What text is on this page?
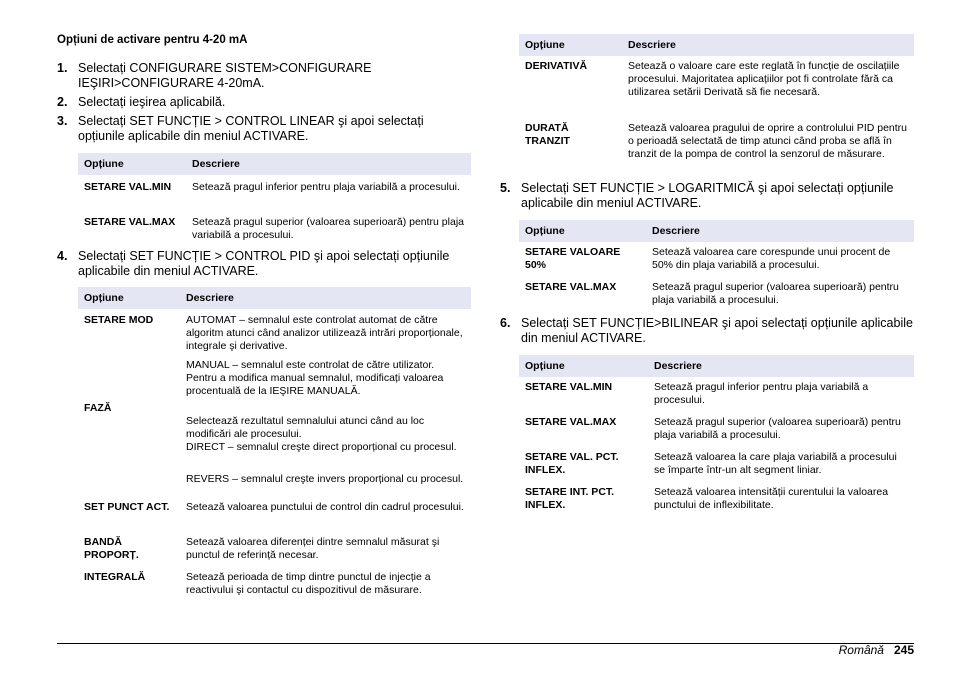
Opțiuni de activare pentru 4-20 mA
1. Selectați CONFIGURARE SISTEM>CONFIGURARE IEŞIRI>CONFIGURARE 4-20mA.
2. Selectați ieşirea aplicabilă.
3. Selectați SET FUNCȚIE > CONTROL LINEAR şi apoi selectați opțiunile aplicabile din meniul ACTIVARE.
Opțiune	Descriere
SETARE VAL.MIN	Setează pragul inferior pentru plaja variabilă a procesului.

SETARE VAL.MAX	Setează pragul superior (valoarea superioară) pentru plaja variabilă a procesului.

4. Selectați SET FUNCȚIE > CONTROL PID şi apoi selectați opțiunile aplicabile din meniul ACTIVARE.
Opțiune	Descriere
SETARE MOD	AUTOMAT – semnalul este controlat automat de către algoritm atunci când analizor utilizează intrări proporționale, integrale şi derivative.

MANUAL – semnalul este controlat de către utilizator. Pentru a modifica manual semnalul, modificați valoarea procentuală de la IEŞIRE MANUALĂ.

FAZĂ	Selectează rezultatul semnalului atunci când au loc modificări ale procesului.
DIRECT – semnalul creşte direct proporțional cu procesul.

REVERS – semnalul creşte invers proporțional cu procesul.

SET PUNCT ACT.	Setează valoarea punctului de control din cadrul procesului.

BANDĂ PROPORȚ.	Setează valoarea diferenței dintre semnalul măsurat şi punctul de referință necesar.

INTEGRALĂ	Setează perioada de timp dintre punctul de injecție a reactivului şi contactul cu dispozitivul de măsurare.

Opțiune	Descriere
DERIVATIVĂ	Setează o valoare care este reglată în funcție de oscilațiile procesului. Majoritatea aplicațiilor pot fi controlate fără ca utilizarea setării Derivată să fie necesară.

DURATĂ TRANZIT	Setează valoarea pragului de oprire a controlului PID pentru o perioadă selectată de timp atunci când proba se află în tranzit de la pompa de control la senzorul de măsurare.

5. Selectați SET FUNCȚIE > LOGARITMICĂ şi apoi selectați opțiunile aplicabile din meniul ACTIVARE.
Opțiune	Descriere
SETARE VALOARE 50%	Setează valoarea care corespunde unui procent de 50% din plaja variabilă a procesului.

SETARE VAL.MAX	Setează pragul superior (valoarea superioară) pentru plaja variabilă a procesului.

6. Selectați SET FUNCȚIE>BILINEAR şi apoi selectați opțiunile aplicabile din meniul ACTIVARE.
Opțiune	Descriere
SETARE VAL.MIN	Setează pragul inferior pentru plaja variabilă a procesului.

SETARE VAL.MAX	Setează pragul superior (valoarea superioară) pentru plaja variabilă a procesului.

SETARE VAL. PCT. INFLEX.	Setează valoarea la care plaja variabilă a procesului se împarte într-un alt segment liniar.

SETARE INT. PCT. INFLEX.	Setează valoarea intensității curentului la valoarea punctului de inflexibilitate.

Română 245
